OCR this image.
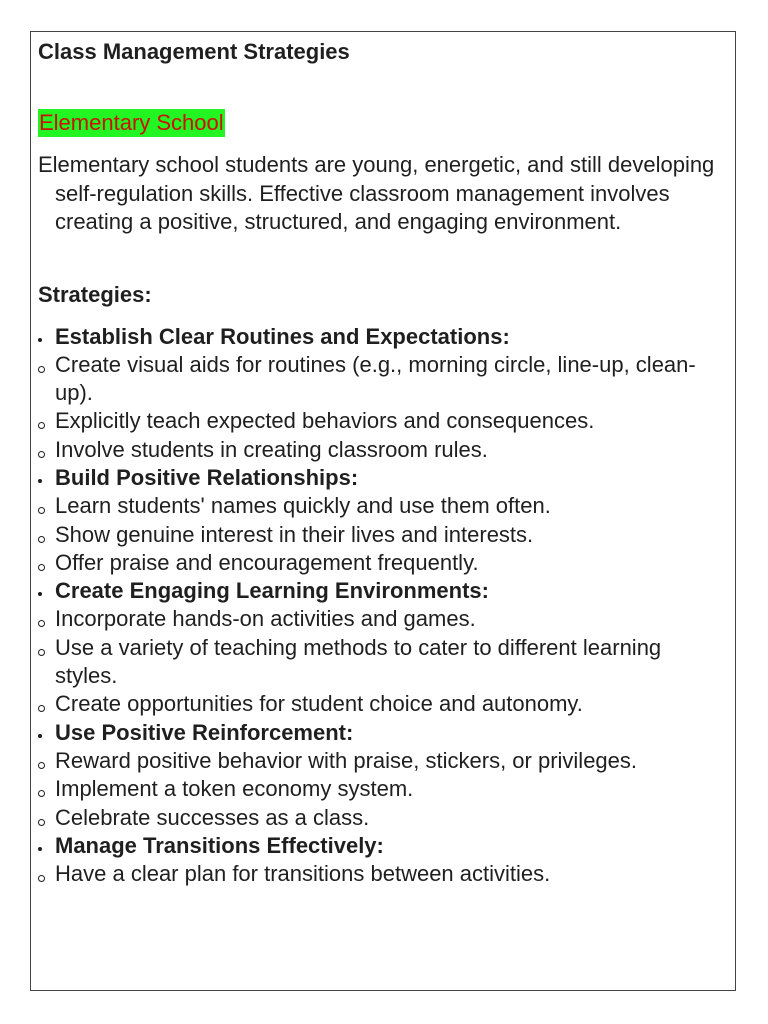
Class Management Strategies
Elementary School

Elementary school students are young, energetic, and still developing self-regulation skills. Effective classroom management involves creating a positive, structured, and engaging environment.

Strategies:
Establish Clear Routines and Expectations:
Create visual aids for routines (e.g., morning circle, line-up, clean-up).
Explicitly teach expected behaviors and consequences.
Involve students in creating classroom rules.
Build Positive Relationships:
Learn students' names quickly and use them often.
Show genuine interest in their lives and interests.
Offer praise and encouragement frequently.
Create Engaging Learning Environments:
Incorporate hands-on activities and games.
Use a variety of teaching methods to cater to different learning styles.
Create opportunities for student choice and autonomy.
Use Positive Reinforcement:
Reward positive behavior with praise, stickers, or privileges.
Implement a token economy system.
Celebrate successes as a class.
Manage Transitions Effectively:
Have a clear plan for transitions between activities.
